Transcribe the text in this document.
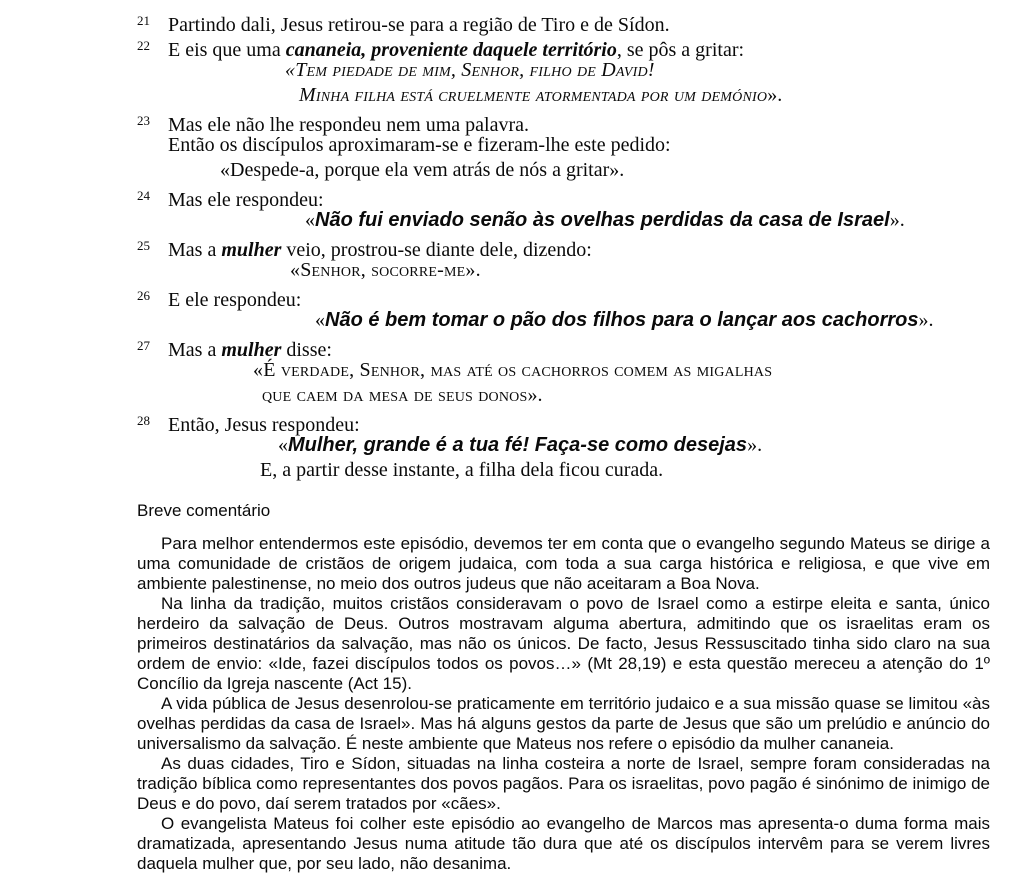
21 Partindo dali, Jesus retirou-se para a região de Tiro e de Sídon.
22 E eis que uma cananeia, proveniente daquele território, se pôs a gritar:
«Tem piedade de mim, Senhor, filho de David!
Minha filha está cruelmente atormentada por um demónio».
23 Mas ele não lhe respondeu nem uma palavra.
Então os discípulos aproximaram-se e fizeram-lhe este pedido:
«Despede-a, porque ela vem atrás de nós a gritar».
24 Mas ele respondeu:
«Não fui enviado senão às ovelhas perdidas da casa de Israel».
25 Mas a mulher veio, prostrou-se diante dele, dizendo:
«Senhor, socorre-me».
26 E ele respondeu:
«Não é bem tomar o pão dos filhos para o lançar aos cachorros».
27 Mas a mulher disse:
«É verdade, Senhor, mas até os cachorros comem as migalhas
que caem da mesa de seus donos».
28 Então, Jesus respondeu:
«Mulher, grande é a tua fé! Faça-se como desejas».
E, a partir desse instante, a filha dela ficou curada.
Breve comentário

Para melhor entendermos este episódio, devemos ter em conta que o evangelho segundo Mateus se dirige a uma comunidade de cristãos de origem judaica, com toda a sua carga histórica e religiosa, e que vive em ambiente palestinense, no meio dos outros judeus que não aceitaram a Boa Nova.

Na linha da tradição, muitos cristãos consideravam o povo de Israel como a estirpe eleita e santa, único herdeiro da salvação de Deus. Outros mostravam alguma abertura, admitindo que os israelitas eram os primeiros destinatários da salvação, mas não os únicos. De facto, Jesus Ressuscitado tinha sido claro na sua ordem de envio: «Ide, fazei discípulos todos os povos…» (Mt 28,19) e esta questão mereceu a atenção do 1º Concílio da Igreja nascente (Act 15).

A vida pública de Jesus desenrolou-se praticamente em território judaico e a sua missão quase se limitou «às ovelhas perdidas da casa de Israel». Mas há alguns gestos da parte de Jesus que são um prelúdio e anúncio do universalismo da salvação. É neste ambiente que Mateus nos refere o episódio da mulher cananeia.

As duas cidades, Tiro e Sídon, situadas na linha costeira a norte de Israel, sempre foram consideradas na tradição bíblica como representantes dos povos pagãos. Para os israelitas, povo pagão é sinónimo de inimigo de Deus e do povo, daí serem tratados por «cães».

O evangelista Mateus foi colher este episódio ao evangelho de Marcos mas apresenta-o duma forma mais dramatizada, apresentando Jesus numa atitude tão dura que até os discípulos intervêm para se verem livres daquela mulher que, por seu lado, não desanima.
